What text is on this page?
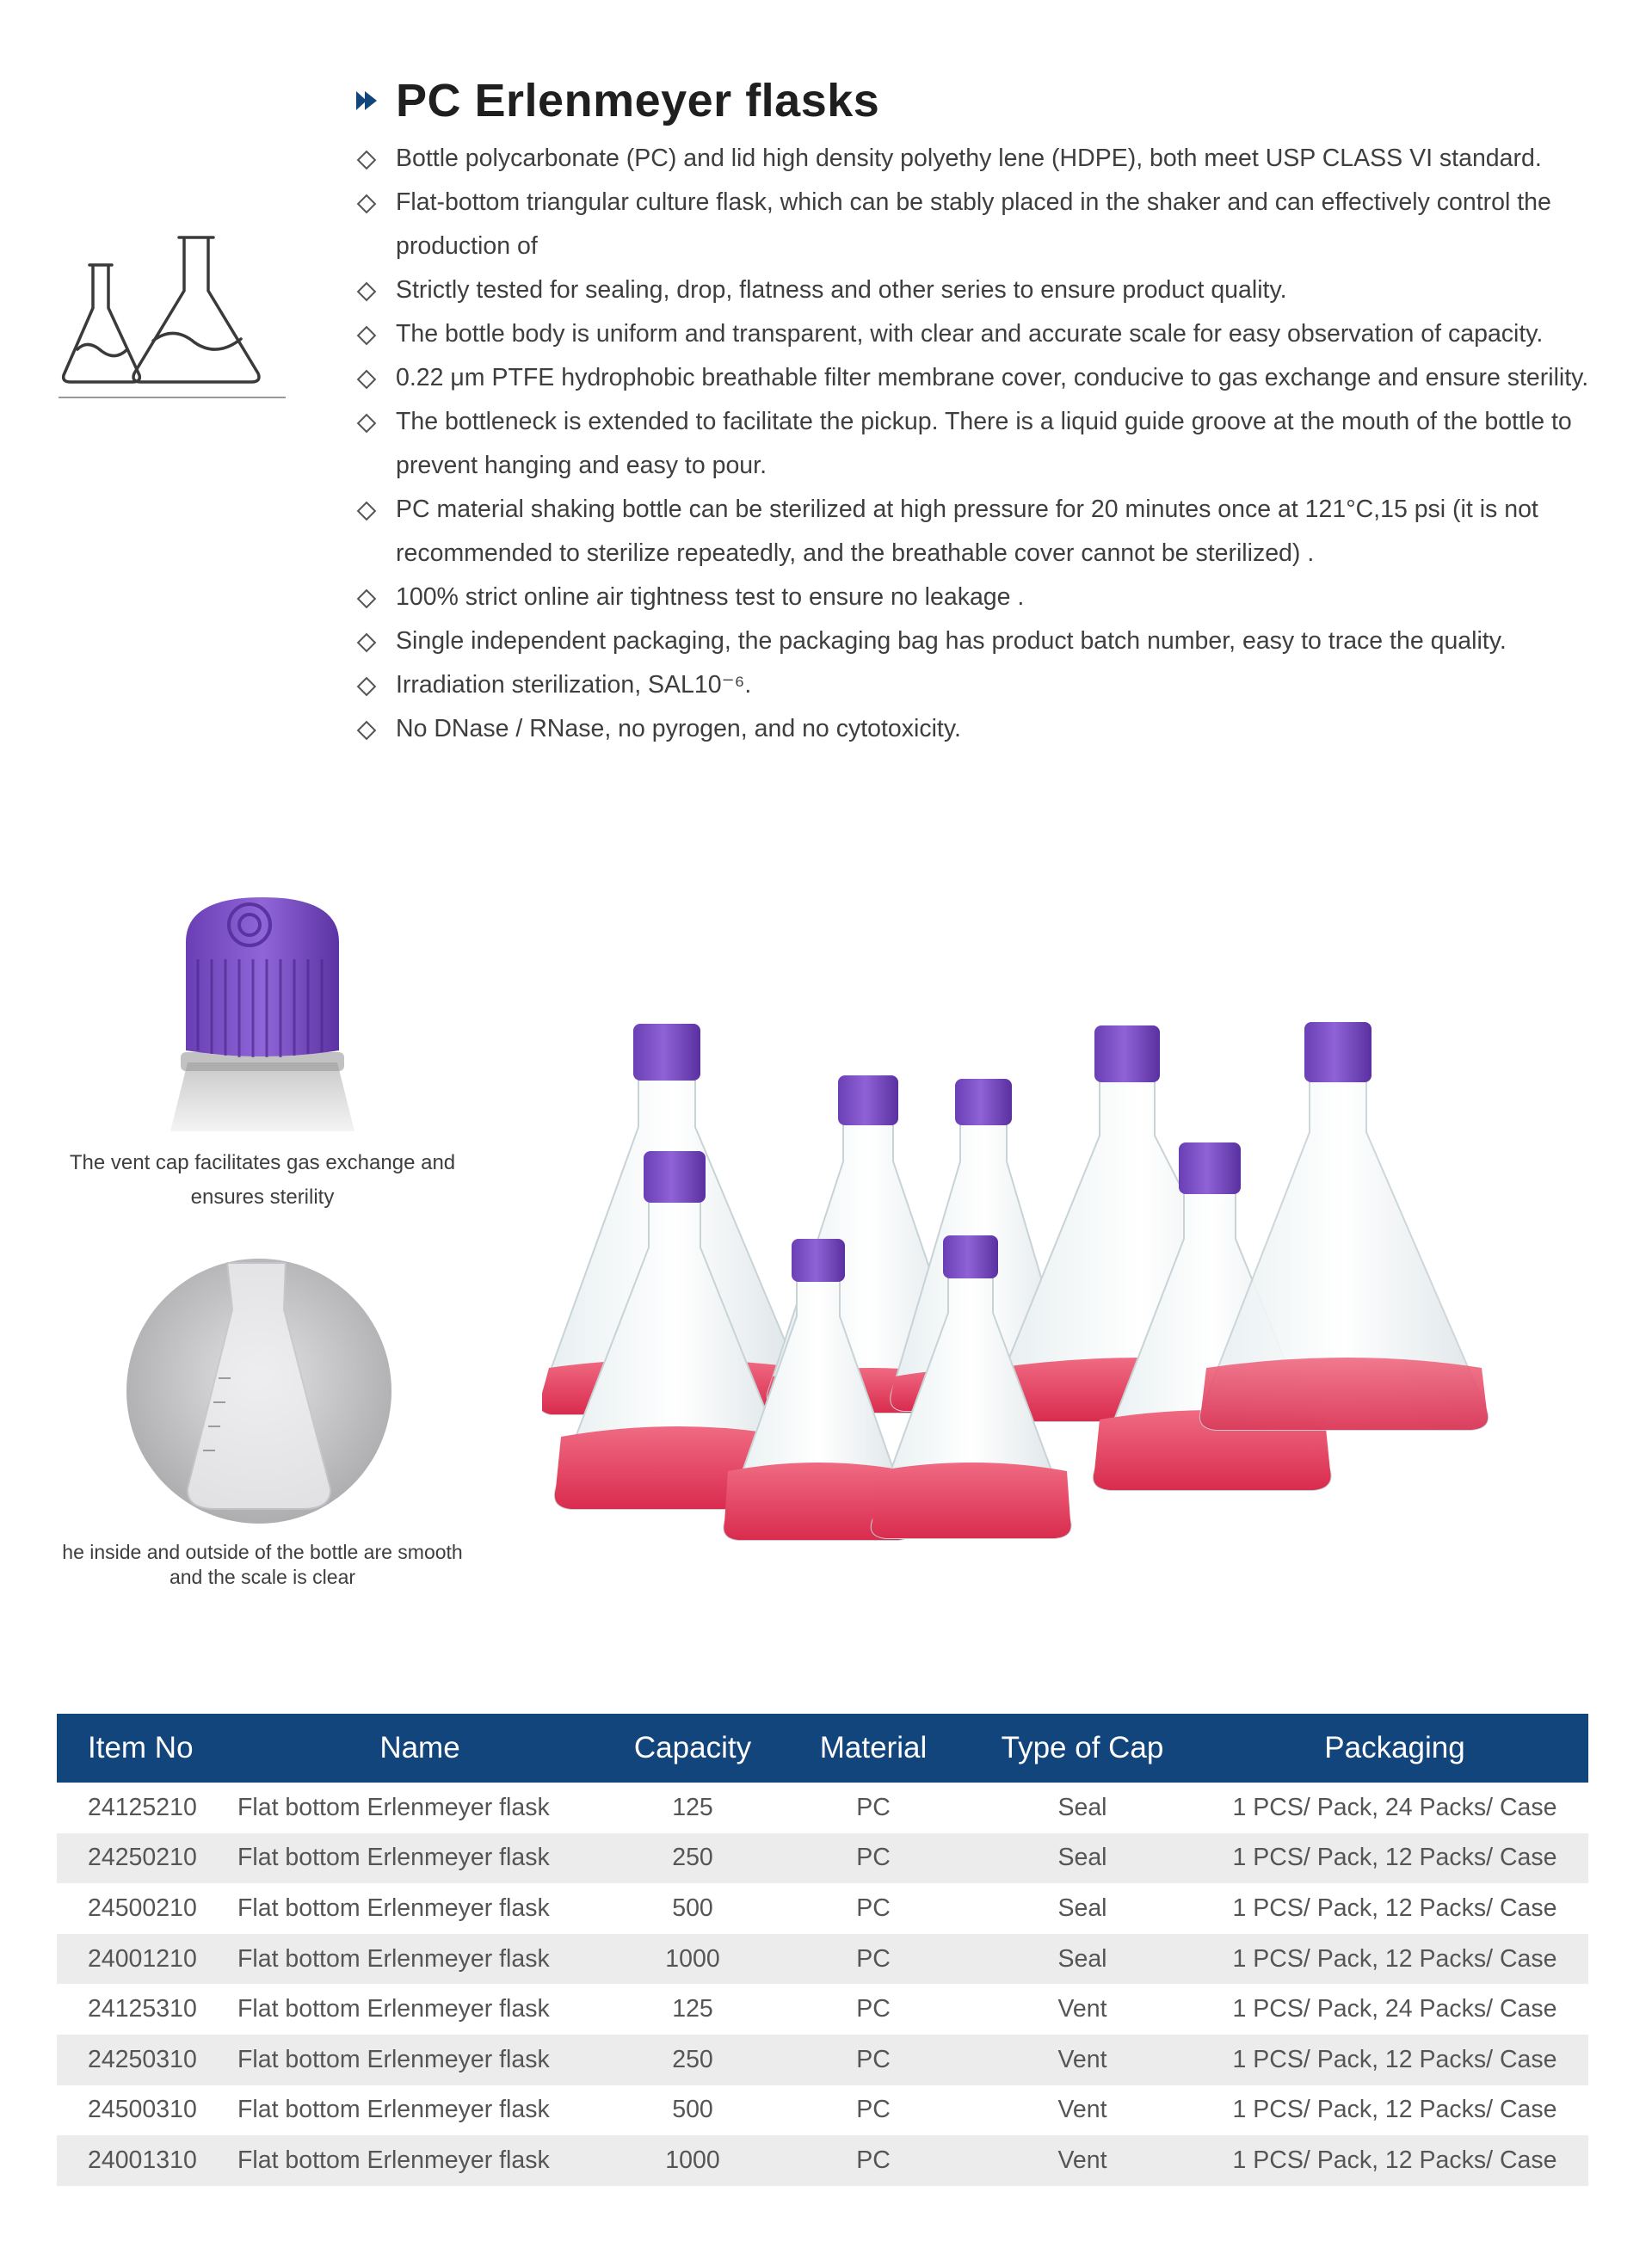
PC Erlenmeyer flasks
Bottle polycarbonate (PC) and lid high density polyethy lene (HDPE), both meet USP CLASS VI standard.
Flat-bottom triangular culture flask, which can be stably placed in the shaker and can effectively control the production of
Strictly tested for sealing, drop, flatness and other series to ensure product quality.
The bottle body is uniform and transparent, with clear and accurate scale for easy observation of capacity.
0.22 μm PTFE hydrophobic breathable filter membrane cover, conducive to gas exchange and ensure sterility.
The bottleneck is extended to facilitate the pickup. There is a liquid guide groove at the mouth of the bottle to prevent hanging and easy to pour.
PC material shaking bottle can be sterilized at high pressure for 20 minutes once at 121°C,15 psi (it is not recommended to sterilize repeatedly, and the breathable cover cannot be sterilized) .
100% strict online air tightness test to ensure no leakage .
Single independent packaging, the packaging bag has product batch number, easy to trace the quality.
Irradiation sterilization, SAL10⁻⁶.
No DNase / RNase, no pyrogen, and no cytotoxicity.
The vent cap facilitates gas exchange and ensures sterility
he inside and outside of the bottle are smooth and the scale is clear
Item No	Name	Capacity	Material	Type of Cap	Packaging
24125210	Flat bottom Erlenmeyer flask	125	PC	Seal	1 PCS/ Pack, 24 Packs/ Case
24250210	Flat bottom Erlenmeyer flask	250	PC	Seal	1 PCS/ Pack, 12 Packs/ Case
24500210	Flat bottom Erlenmeyer flask	500	PC	Seal	1 PCS/ Pack, 12 Packs/ Case
24001210	Flat bottom Erlenmeyer flask	1000	PC	Seal	1 PCS/ Pack, 12 Packs/ Case
24125310	Flat bottom Erlenmeyer flask	125	PC	Vent	1 PCS/ Pack, 24 Packs/ Case
24250310	Flat bottom Erlenmeyer flask	250	PC	Vent	1 PCS/ Pack, 12 Packs/ Case
24500310	Flat bottom Erlenmeyer flask	500	PC	Vent	1 PCS/ Pack, 12 Packs/ Case
24001310	Flat bottom Erlenmeyer flask	1000	PC	Vent	1 PCS/ Pack, 12 Packs/ Case
